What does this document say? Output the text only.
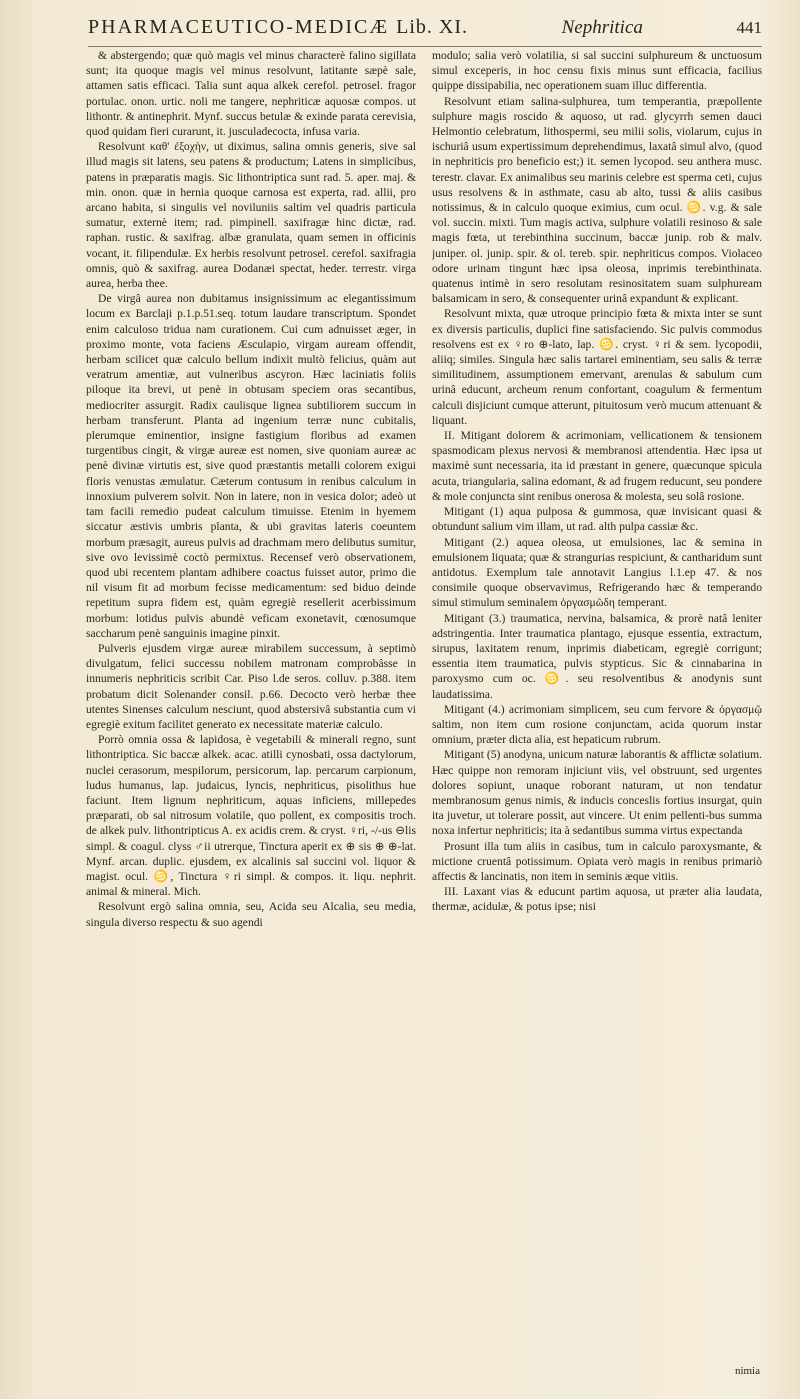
PHARMACEUTICO-MEDICÆ Lib. XI.	Nephritica	441

& abstergendo; quæ quò magis vel minus characterè falino sigillata sunt; ita quoque magis vel minus resolvunt, latitante sæpè sale, attamen satis efficaci. Talia sunt aqua alkek cerefol. petrosel. fragor portulac. onon. urtic. noli me tangere, nephriticæ aquosæ compos. ut lithontr. & antinephrit. Mynf. succus betulæ & exinde parata cerevisia, quod quidam fieri curarunt, it. jusculadecocta, infusa varia.

Resolvunt καθ' ἐξοχὴν, ut diximus, salina omnis generis, sive sal illud magis sit latens, seu patens & productum; Latens in simplicibus, patens in præparatis magis. Sic lithontriptica sunt rad. 5. aper. maj. & min. onon. quæ in hernia quoque carnosa est experta, rad. allii, pro arcano habita, si singulis vel noviluniis saltim vel quadris particula sumatur, externè item; rad. pimpinell. saxifragæ hinc dictæ, rad. raphan. rustic. & saxifrag. albæ granulata, quam semen in officinis vocant, it. filipendulæ. Ex herbis resolvunt petrosel. cerefol. saxifragia omnis, quò & saxifrag. aurea Dodanæi spectat, heder. terrestr. virga aurea, herba thee.

De virgâ aurea non dubitamus insignissimum ac elegantissimum locum ex Barclaji p.1.p.51.seq. totum laudare transcriptum. Spondet enim calculoso tridua nam curationem. Cui cum adnuisset æger, in proximo monte, vota faciens Æsculapio, virgam auream offendit, herbam scilicet quæ calculo bellum indixit multò felicius, quàm aut veratrum amentiæ, aut vulneribus ascyron. Hæc laciniatis foliis piloque ita brevi, ut penè in obtusam speciem oras secantibus, mediocriter assurgit. Radix caulisque lignea subtiliorem succum in herbam transferunt. Planta ad ingenium terræ nunc cubitalis, plerumque eminentior, insigne fastigium floribus ad examen turgentibus cingit, & virgæ aureæ est nomen, sive quoniam aureæ ac penè divinæ virtutis est, sive quod præstantis metalli colorem exigui floris venustas æmulatur. Cæterum contusum in renibus calculum in innoxium pulverem solvit. Non in latere, non in vesica dolor; adeò ut tam facili remedio pudeat calculum timuisse. Etenim in hyemem siccatur æstivis umbris planta, & ubi gravitas lateris coeuntem morbum præsagit, aureus pulvis ad drachmam mero delibutus sumitur, sive ovo levissimè coctò permixtus. Recensef verò observationem, quod ubi recentem plantam adhibere coactus fuisset autor, primo die nil visum fit ad morbum fecisse medicamentum: sed biduo deinde repetitum supra fidem est, quàm egregiè resellerit acerbissimum morbum: lotidus pulvis abundè veficam exonetavit, cœnosumque saccharum penè sanguinis imagine pinxit.

Pulveris ejusdem virgæ aureæ mirabilem successum, à septimò divulgatum, felici successu nobilem matronam comprobâsse in innumeris nephriticis scribit Car. Piso l.de seros. colluv. p.388. item probatum dicit Solenander consil. p.66. Decocto verò herbæ thee utentes Sinenses calculum nesciunt, quod abstersivâ substantia cum vi egregiè exitum facilitet generato ex necessitate materiæ calculo.

Porrò omnia ossa & lapidosa, è vegetabili & minerali regno, sunt lithontriptica. Sic baccæ alkek. acac. atilli cynosbati, ossa dactylorum, nuclei cerasorum, mespilorum, persicorum, lap. percarum carpionum, ludus humanus, lap. judaicus, lyncis, nephriticus, pisolithus hue faciunt. Item lignum nephriticum, aquas inficiens, millepedes præparati, ob sal nitrosum volatile, quo pollent, ex compositis troch. de alkek pulv. lithontripticus A. ex acidis crem. & cryst. ♀ri, -/-us ⊖lis simpl. & coagul. clyss ♂ii utrerque, Tinctura aperit ex ⊕ sis ⊕ ⊕-lat. Mynf. arcan. duplic. ejusdem, ex alcalinis sal succini vol. liquor & magist. ocul. ♋, Tinctura ♀ri simpl. & compos. it. liqu. nephrit. animal & mineral. Mich.

Resolvunt ergò salina omnia, seu, Acida seu Alcalia, seu media, singula diverso respectu & suo agendi

modulo; salia verò volatilia, si sal succini sulphureum & unctuosum simul exceperis, in hoc censu fixis minus sunt efficacia, facilius quippe dissipabilia, nec operationem suam illuc differentia.

Resolvunt etiam salina-sulphurea, tum temperantia, præpollente sulphure magis roscido & aquoso, ut rad. glycyrrh semen dauci Helmontio celebratum, lithospermi, seu milii solis, violarum, cujus in ischuriâ usum expertissimum deprehendimus, laxatâ simul alvo, (quod in nephriticis pro beneficio est;) it. semen lycopod. seu anthera musc. terestr. clavar. Ex animalibus seu marinis celebre est sperma ceti, cujus usus resolvens & in asthmate, casu ab alto, tussi & aliis casibus notissimus, & in calculo quoque eximius, cum ocul. ♋. v.g. & sale vol. succin. mixti. Tum magis activa, sulphure volatili resinoso & sale magis fœta, ut terebinthina succinum, baccæ junip. rob & malv. juniper. ol. junip. spir. & ol. tereb. spir. nephriticus compos. Violaceo odore urinam tingunt hæc ipsa oleosa, inprimis terebinthinata. quatenus intimè in sero resolutam resinositatem suam sulphuream balsamicam in sero, & consequenter urinâ expandunt & explicant.

Resolvunt mixta, quæ utroque principio fœta & mixta inter se sunt ex diversis particulis, duplici fine satisfaciendo. Sic pulvis commodus resolvens est ex ♀ro ⊕-lato, lap. ♋. cryst. ♀ri & sem. lycopodii, aliiq; similes. Singula hæc salis tartarei eminentiam, seu salis & terræ similitudinem, assumptionem emervant, arenulas & sabulum cum urinâ educunt, archeum renum confortant, coagulum & fermentum calculi disjiciunt cumque atterunt, pituitosum verò mucum attenuant & liquant.

II. Mitigant dolorem & acrimoniam, vellicationem & tensionem spasmodicam plexus nervosi & membranosi attendentia. Hæc ipsa ut maximè sunt necessaria, ita id præstant in genere, quæcunque spicula acuta, triangularia, salina edomant, & ad frugem reducunt, seu pondere & mole conjuncta sint renibus onerosa & molesta, seu solâ rosione.

Mitigant (1) aqua pulposa & gummosa, quæ invisicant quasi & obtundunt salium vim illam, ut rad. alth pulpa cassiæ &c.

Mitigant (2.) aquea oleosa, ut emulsiones, lac & semina in emulsionem liquata; quæ & strangurias respiciunt, & cantharidum sunt antidotus. Exemplum tale annotavit Langius l.1.ep 47. & nos consimile quoque observavimus, Refrigerando hæc & temperando simul stimulum seminalem ὀργασμῶδη temperant.

Mitigant (3.) traumatica, nervina, balsamica, & prorè natâ leniter adstringentia. Inter traumatica plantago, ejusque essentia, extractum, sirupus, laxitatem renum, inprimis diabeticam, egregiè corrigunt; essentia item traumatica, pulvis stypticus. Sic & cinnabarina in paroxysmo cum oc. ♋. seu resolventibus & anodynis sunt laudatissima.

Mitigant (4.) acrimoniam simplicem, seu cum fervore & ὀργασμῷ saltim, non item cum rosione conjunctam, acida quorum instar omnium, præter dicta alia, est hepaticum rubrum.

Mitigant (5) anodyna, unicum naturæ laborantis & afflictæ solatium. Hæc quippe non remoram injiciunt viis, vel obstruunt, sed urgentes dolores sopiunt, unaque roborant naturam, ut non tendatur membranosum genus nimis, & inducis conceslis fortius insurgat, quin ita juvetur, ut tolerare possit, aut vincere. Ut enim pellenti-bus summa noxa infertur nephriticis; ita à sedantibus summa virtus expectanda

Prosunt illa tum aliis in casibus, tum in calculo paroxysmante, & mictione cruentâ potissimum. Opiata verò magis in renibus primariò affectis & lancinatis, non item in seminis æque vitiis.

III. Laxant vias & educunt partim aquosa, ut præter alia laudata, thermæ, acidulæ, & potus ipse; nisi

nimia
